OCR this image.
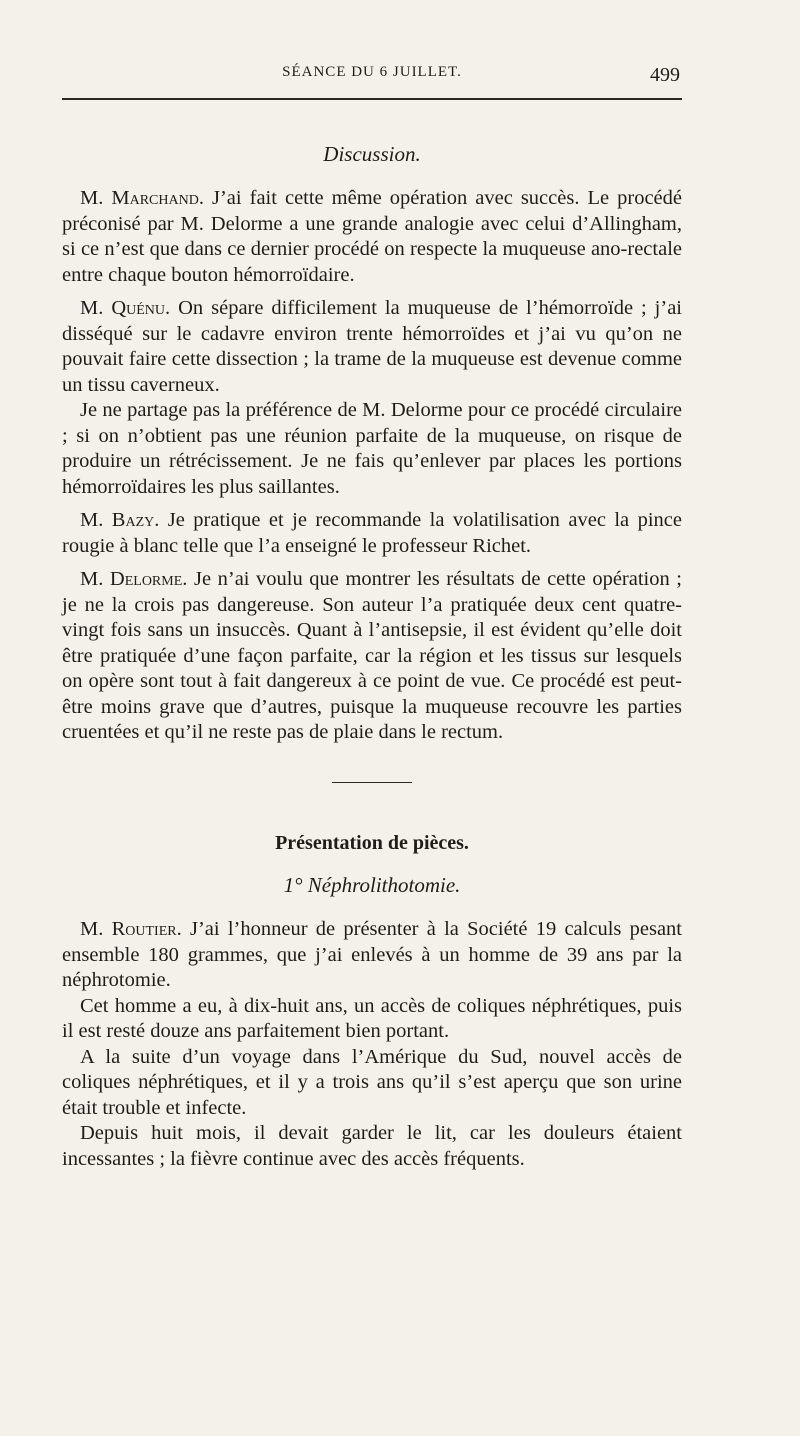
SÉANCE DU 6 JUILLET.	499
Discussion.

M. Marchand. J’ai fait cette même opération avec succès. Le procédé préconisé par M. Delorme a une grande analogie avec celui d’Allingham, si ce n’est que dans ce dernier procédé on respecte la muqueuse ano-rectale entre chaque bouton hémorroïdaire.

M. Quénu. On sépare difficilement la muqueuse de l’hémorroïde ; j’ai disséqué sur le cadavre environ trente hémorroïdes et j’ai vu qu’on ne pouvait faire cette dissection ; la trame de la muqueuse est devenue comme un tissu caverneux.

Je ne partage pas la préférence de M. Delorme pour ce procédé circulaire ; si on n’obtient pas une réunion parfaite de la muqueuse, on risque de produire un rétrécissement. Je ne fais qu’enlever par places les portions hémorroïdaires les plus saillantes.

M. Bazy. Je pratique et je recommande la volatilisation avec la pince rougie à blanc telle que l’a enseigné le professeur Richet.

M. Delorme. Je n’ai voulu que montrer les résultats de cette opération ; je ne la crois pas dangereuse. Son auteur l’a pratiquée deux cent quatre-vingt fois sans un insuccès. Quant à l’antisepsie, il est évident qu’elle doit être pratiquée d’une façon parfaite, car la région et les tissus sur lesquels on opère sont tout à fait dangereux à ce point de vue. Ce procédé est peut-être moins grave que d’autres, puisque la muqueuse recouvre les parties cruentées et qu’il ne reste pas de plaie dans le rectum.

Présentation de pièces.
1° Néphrolithotomie.

M. Routier. J’ai l’honneur de présenter à la Société 19 calculs pesant ensemble 180 grammes, que j’ai enlevés à un homme de 39 ans par la néphrotomie.

Cet homme a eu, à dix-huit ans, un accès de coliques néphrétiques, puis il est resté douze ans parfaitement bien portant.

A la suite d’un voyage dans l’Amérique du Sud, nouvel accès de coliques néphrétiques, et il y a trois ans qu’il s’est aperçu que son urine était trouble et infecte.

Depuis huit mois, il devait garder le lit, car les douleurs étaient incessantes ; la fièvre continue avec des accès fréquents.
